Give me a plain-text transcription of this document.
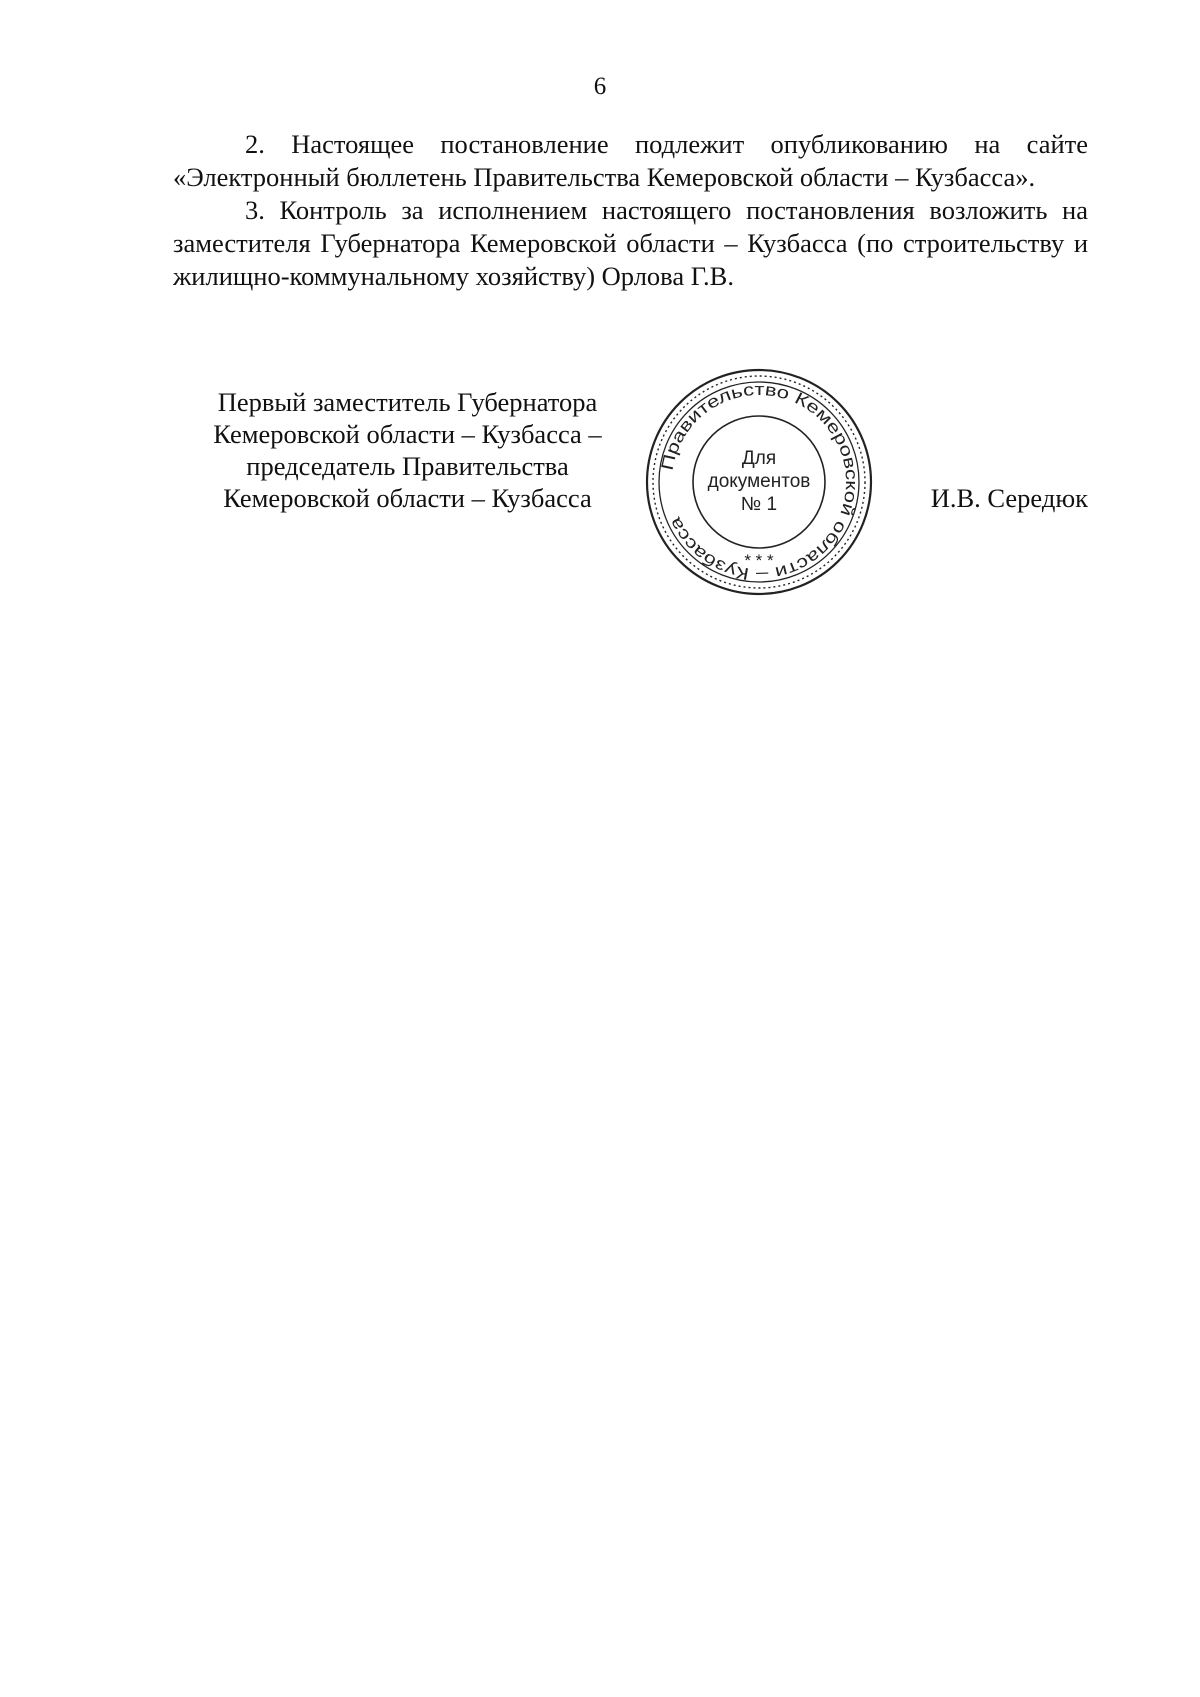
6

2. Настоящее постановление подлежит опубликованию на сайте «Электронный бюллетень Правительства Кемеровской области – Кузбасса».

3. Контроль за исполнением настоящего постановления возложить на заместителя Губернатора Кемеровской области – Кузбасса (по строительству и жилищно-коммунальному хозяйству) Орлова Г.В.

Первый заместитель Губернатора
Кемеровской области – Кузбасса –
председатель Правительства
Кемеровской области – Кузбасса
Правительство Кемеровской области – Кузбасса
Для
документов
№ 1
* * *
И.В. Середюк
